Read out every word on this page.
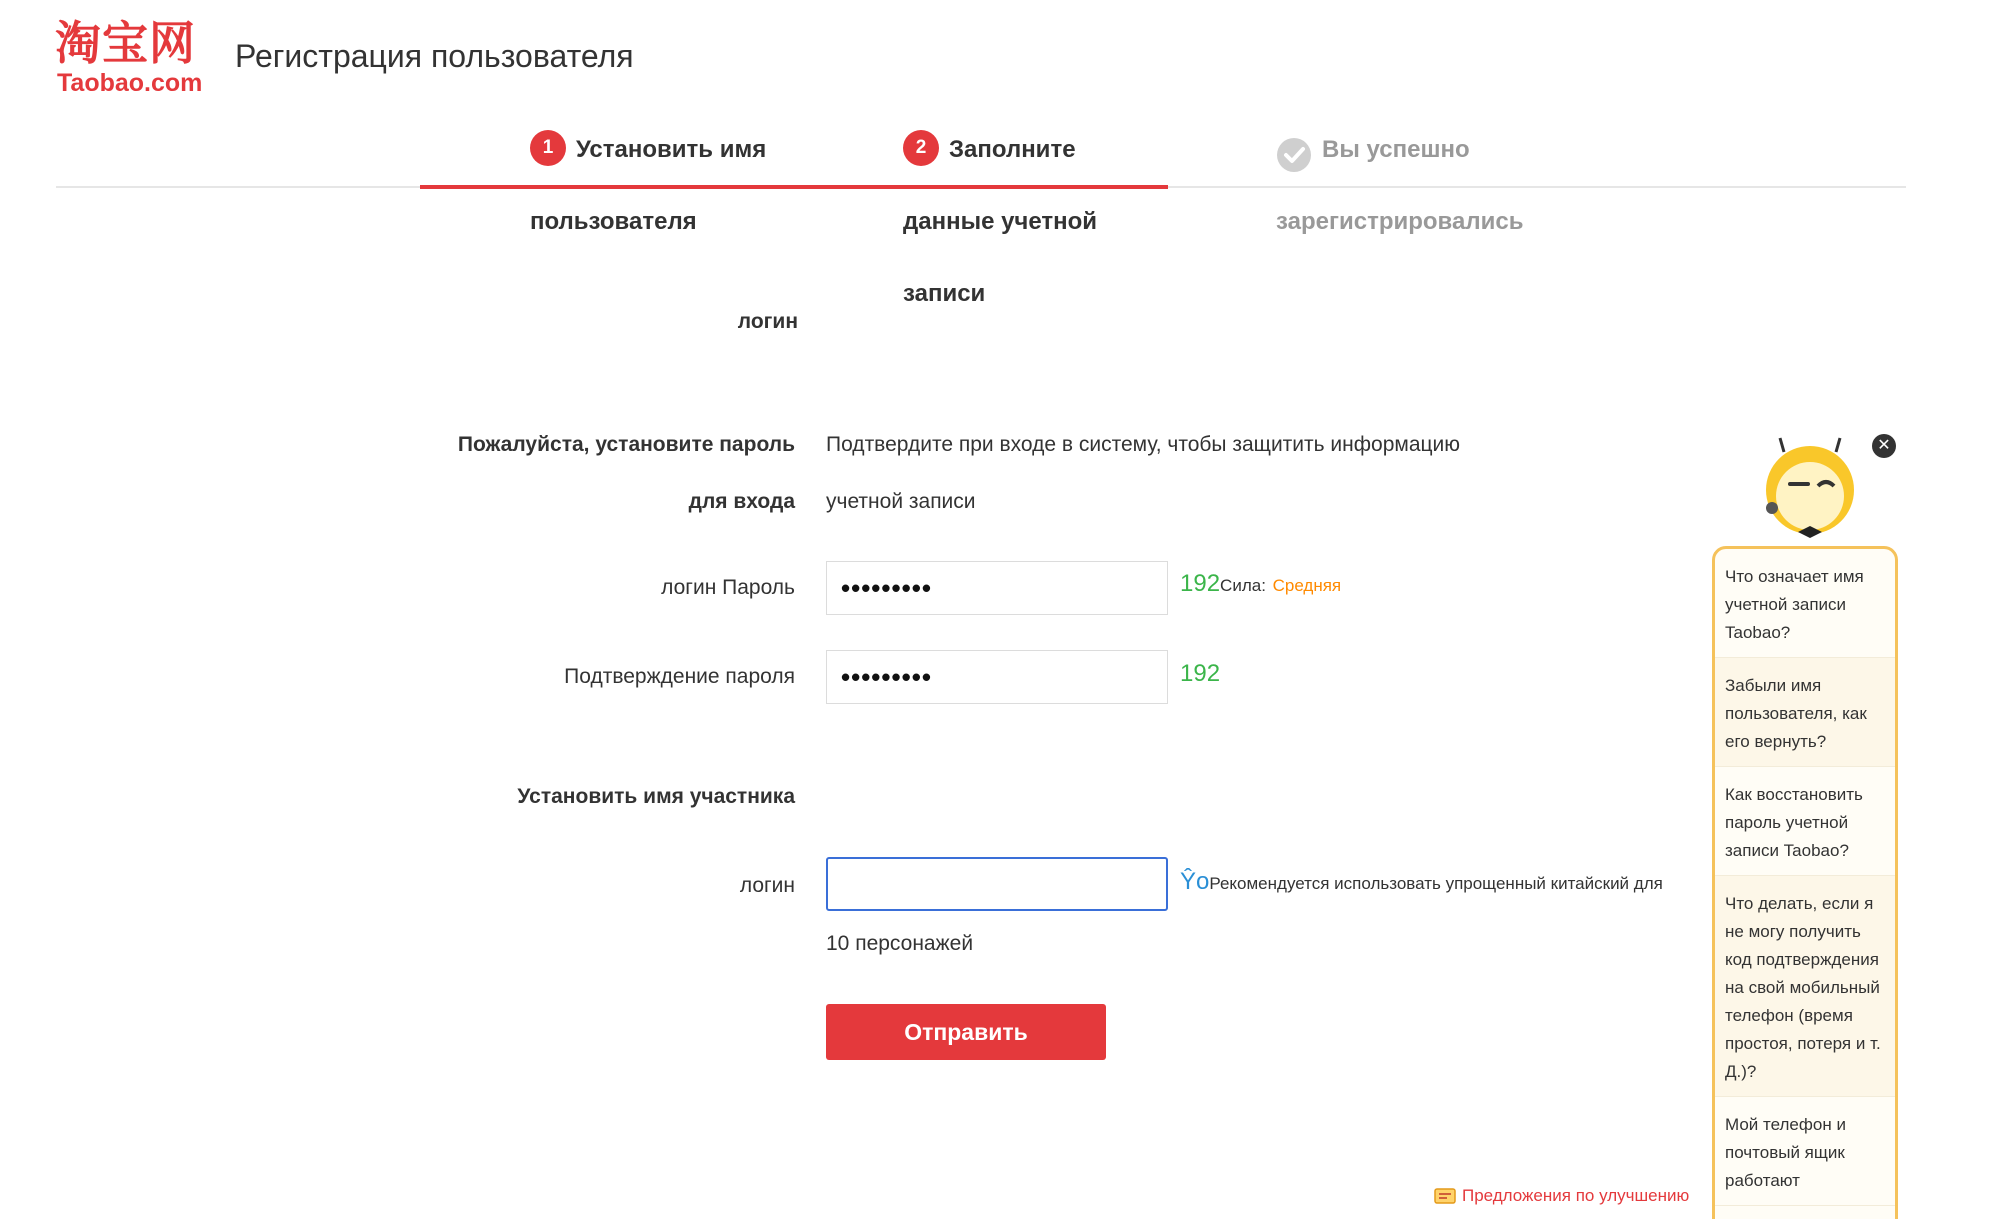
淘宝网
Taobao.com
Регистрация пользователя
1 Установить имя
пользователя
логин
2 Заполните
данные учетной
записи
Вы успешно
зарегистрировались
Пожалуйста, установите пароль
для входа
Подтвердите при входе в систему, чтобы защитить информацию
учетной записи
логин Пароль	•••••••••	192Сила: Средняя
Подтверждение пароля	•••••••••	192
Установить имя участника
логин	ŶoРекомендуется использовать упрощенный китайский для
10 персонажей
Отправить
Предложения по улучшению
✕
Что означает имя учетной записи Taobao?
Забыли имя пользователя, как его вернуть?
Как восстановить пароль учетной записи Taobao?
Что делать, если я не могу получить код подтверждения на свой мобильный телефон (время простоя, потеря и т. Д.)?
Мой телефон и почтовый ящик работают
